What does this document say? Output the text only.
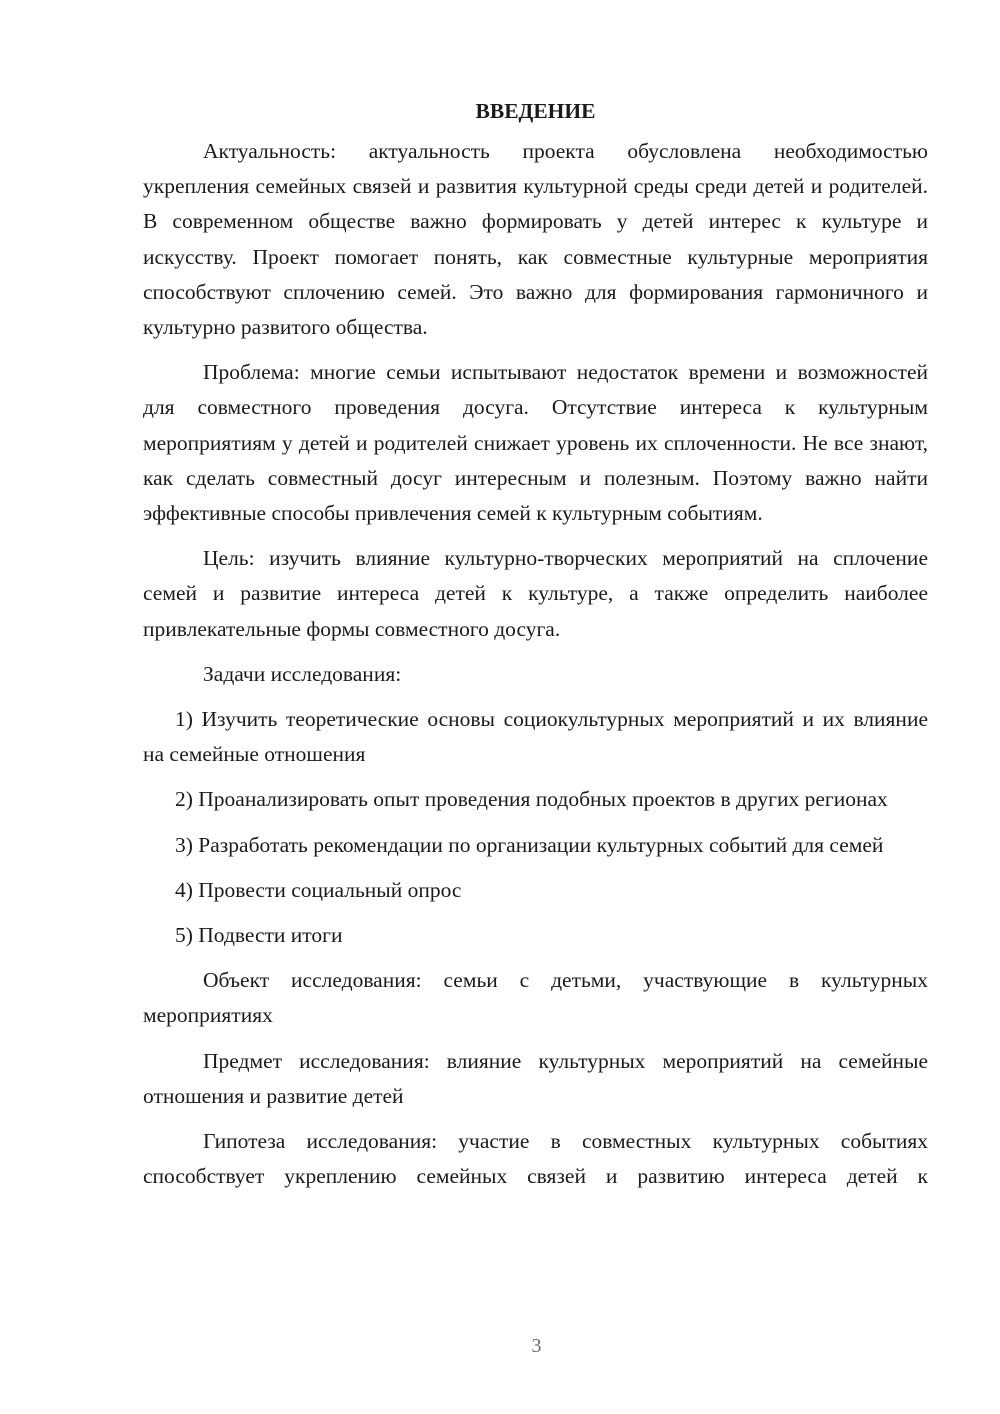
ВВЕДЕНИЕ

Актуальность: актуальность проекта обусловлена необходимостью укрепления семейных связей и развития культурной среды среди детей и родителей. В современном обществе важно формировать у детей интерес к культуре и искусству. Проект помогает понять, как совместные культурные мероприятия способствуют сплочению семей. Это важно для формирования гармоничного и культурно развитого общества.

Проблема: многие семьи испытывают недостаток времени и возможностей для совместного проведения досуга. Отсутствие интереса к культурным мероприятиям у детей и родителей снижает уровень их сплоченности. Не все знают, как сделать совместный досуг интересным и полезным. Поэтому важно найти эффективные способы привлечения семей к культурным событиям.

Цель: изучить влияние культурно-творческих мероприятий на сплочение семей и развитие интереса детей к культуре, а также определить наиболее привлекательные формы совместного досуга.

Задачи исследования:

1) Изучить теоретические основы социокультурных мероприятий и их влияние на семейные отношения

2) Проанализировать опыт проведения подобных проектов в других регионах

3) Разработать рекомендации по организации культурных событий для семей

4) Провести социальный опрос

5) Подвести итоги

Объект исследования: семьи с детьми, участвующие в культурных мероприятиях

Предмет исследования: влияние культурных мероприятий на семейные отношения и развитие детей

Гипотеза исследования: участие в совместных культурных событиях способствует укреплению семейных связей и развитию интереса детей к

3
